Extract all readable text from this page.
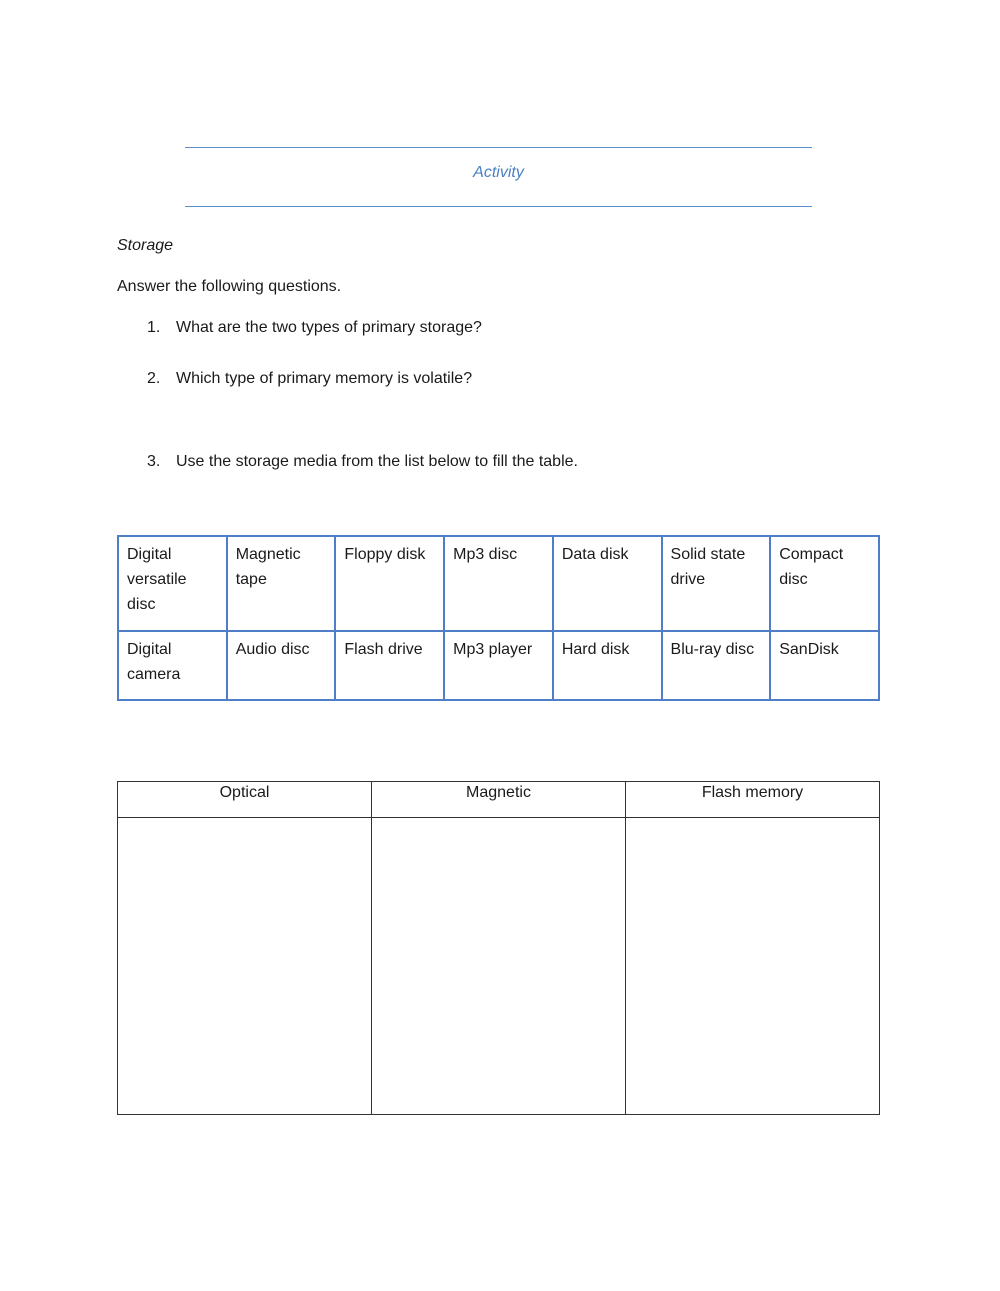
Activity
Storage
Answer the following questions.
1. What are the two types of primary storage?
2. Which type of primary memory is volatile?
3. Use the storage media from the list below to fill the table.
Digital versatile disc	Magnetic tape	Floppy disk	Mp3 disc	Data disk	Solid state drive	Compact disc
Digital camera	Audio disc	Flash drive	Mp3 player	Hard disk	Blu-ray disc	SanDisk
Optical	Magnetic	Flash memory
